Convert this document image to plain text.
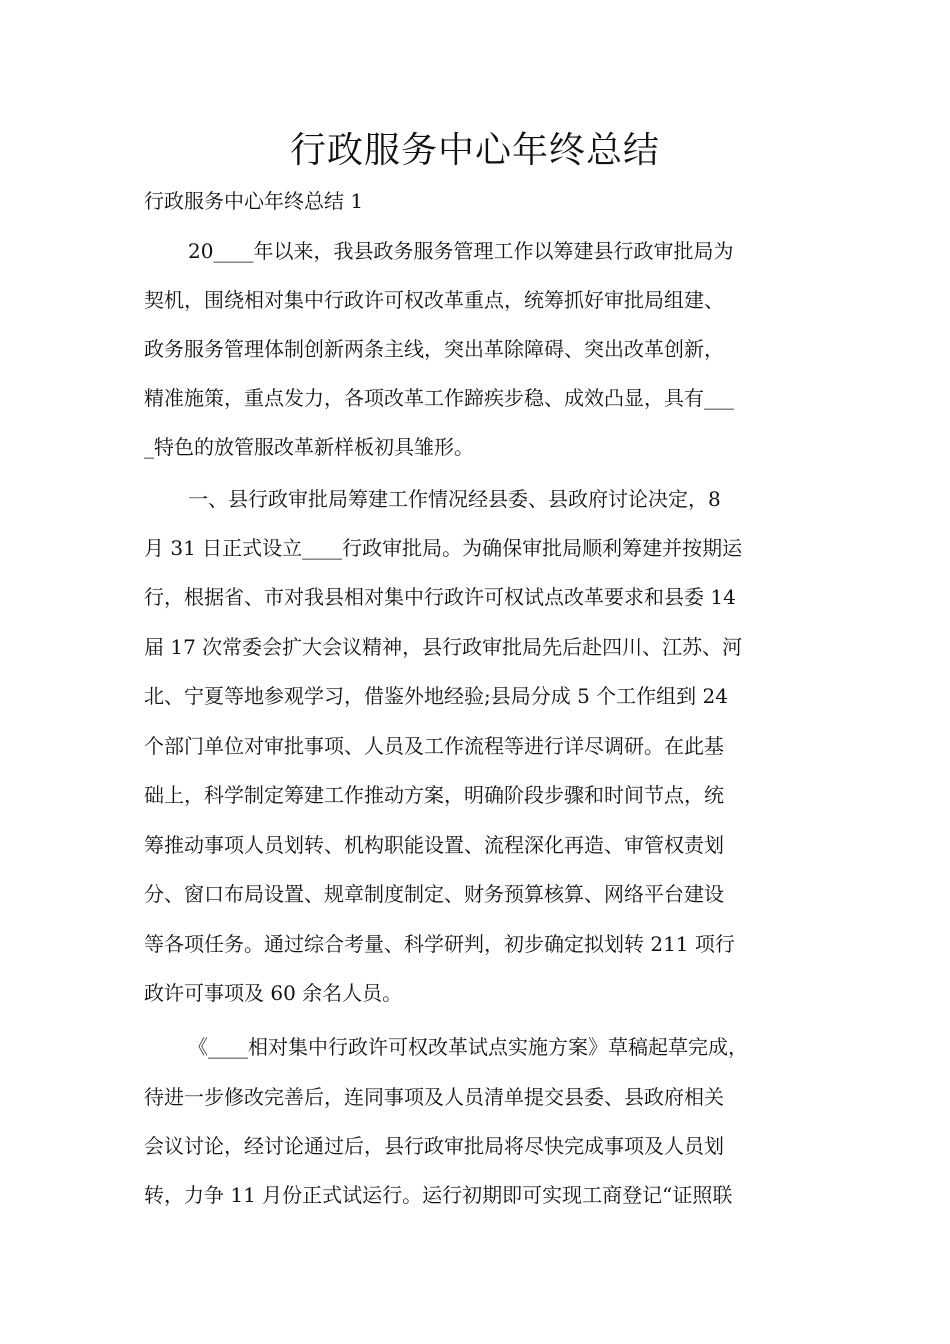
行政服务中心年终总结
行政服务中心年终总结 1
20____年以来，我县政务服务管理工作以筹建县行政审批局为
契机，围绕相对集中行政许可权改革重点，统筹抓好审批局组建、
政务服务管理体制创新两条主线，突出革除障碍、突出改革创新，
精准施策，重点发力，各项改革工作蹄疾步稳、成效凸显，具有___
_特色的放管服改革新样板初具雏形。
一、县行政审批局筹建工作情况经县委、县政府讨论决定，8
月 31 日正式设立____行政审批局。为确保审批局顺利筹建并按期运
行，根据省、市对我县相对集中行政许可权试点改革要求和县委 14
届 17 次常委会扩大会议精神，县行政审批局先后赴四川、江苏、河
北、宁夏等地参观学习，借鉴外地经验;县局分成 5 个工作组到 24
个部门单位对审批事项、人员及工作流程等进行详尽调研。在此基
础上，科学制定筹建工作推动方案，明确阶段步骤和时间节点，统
筹推动事项人员划转、机构职能设置、流程深化再造、审管权责划
分、窗口布局设置、规章制度制定、财务预算核算、网络平台建设
等各项任务。通过综合考量、科学研判，初步确定拟划转 211 项行
政许可事项及 60 余名人员。
《____相对集中行政许可权改革试点实施方案》草稿起草完成，
待进一步修改完善后，连同事项及人员清单提交县委、县政府相关
会议讨论，经讨论通过后，县行政审批局将尽快完成事项及人员划
转，力争 11 月份正式试运行。运行初期即可实现工商登记“证照联
